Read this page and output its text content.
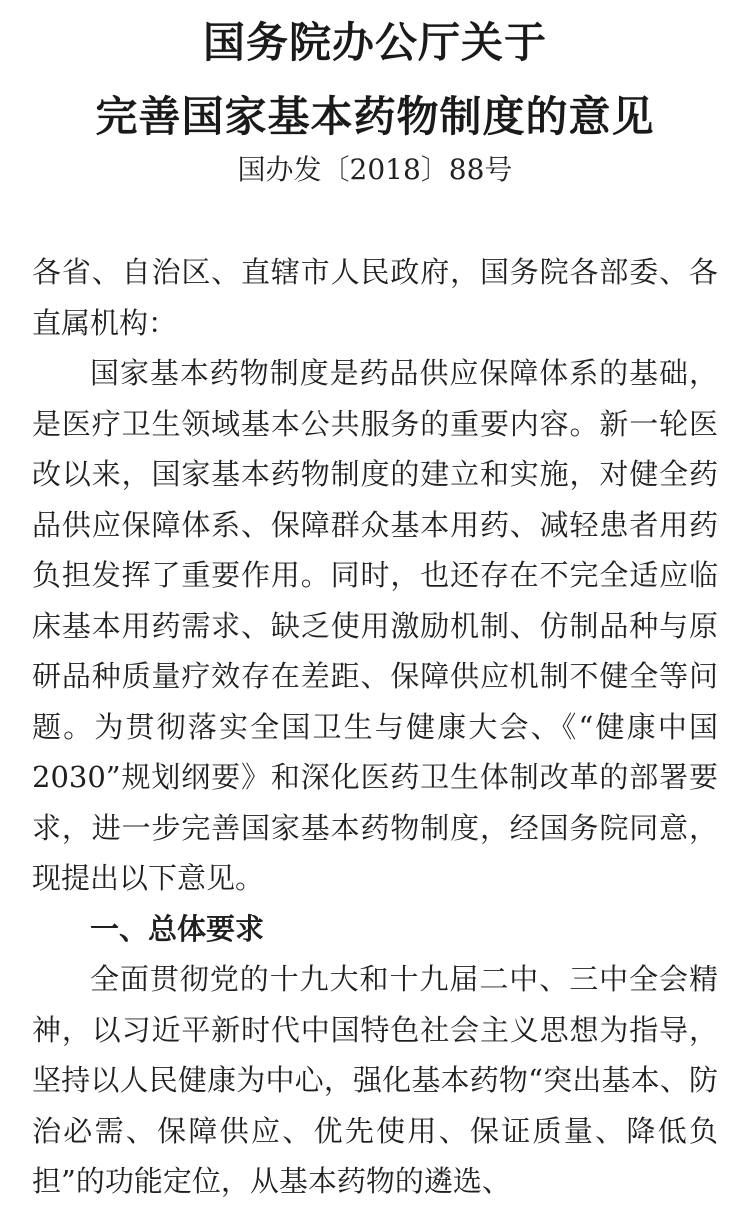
国务院办公厅关于
完善国家基本药物制度的意见
国办发〔2018〕88号

各省、自治区、直辖市人民政府，国务院各部委、各直属机构：

国家基本药物制度是药品供应保障体系的基础，是医疗卫生领域基本公共服务的重要内容。新一轮医改以来，国家基本药物制度的建立和实施，对健全药品供应保障体系、保障群众基本用药、减轻患者用药负担发挥了重要作用。同时，也还存在不完全适应临床基本用药需求、缺乏使用激励机制、仿制品种与原研品种质量疗效存在差距、保障供应机制不健全等问题。为贯彻落实全国卫生与健康大会、《“健康中国2030”规划纲要》和深化医药卫生体制改革的部署要求，进一步完善国家基本药物制度，经国务院同意，现提出以下意见。

一、总体要求

全面贯彻党的十九大和十九届二中、三中全会精神，以习近平新时代中国特色社会主义思想为指导，坚持以人民健康为中心，强化基本药物“突出基本、防治必需、保障供应、优先使用、保证质量、降低负担”的功能定位，从基本药物的遴选、
